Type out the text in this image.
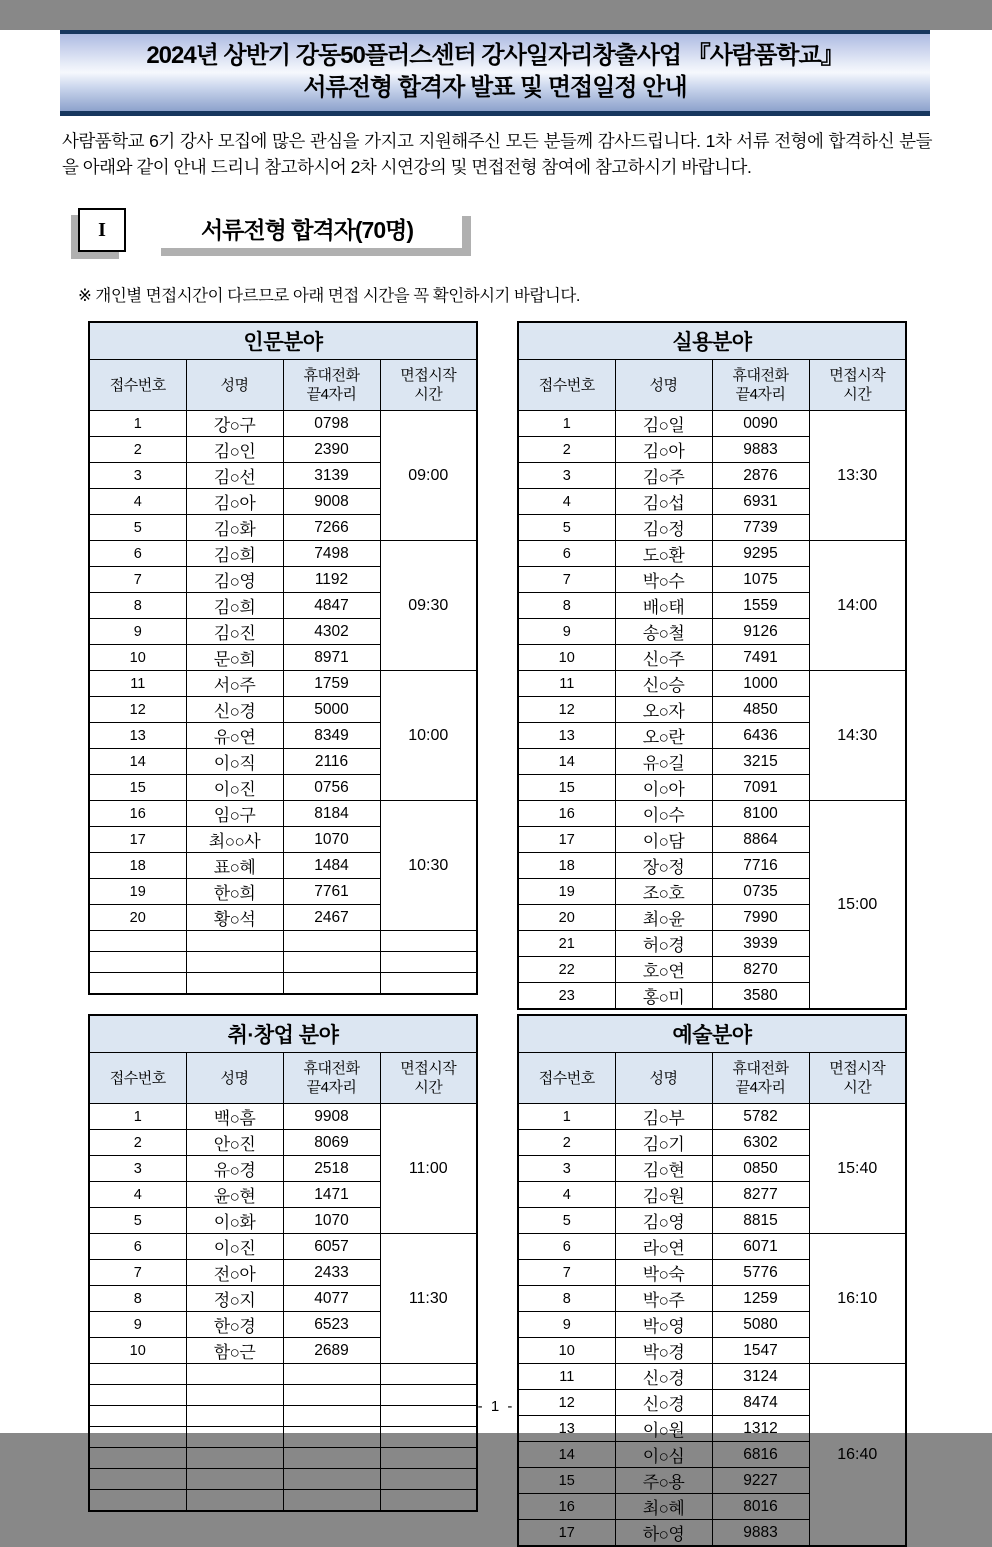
2024년 상반기 강동50플러스센터 강사일자리창출사업 『사람품학교』
서류전형 합격자 발표 및 면접일정 안내
사람품학교 6기 강사 모집에 많은 관심을 가지고 지원해주신 모든 분들께 감사드립니다. 1차 서류 전형에 합격하신 분들을 아래와 같이 안내 드리니 참고하시어 2차 시연강의 및 면접전형 참여에 참고하시기 바랍니다.
I	서류전형 합격자(70명)
※ 개인별 면접시간이 다르므로 아래 면접 시간을 꼭 확인하시기 바랍니다.
인문분야			
접수번호	성명	
휴대전화
끝4자리

면접시작
시간

1	강○구	0798	09:00
2	김○인	2390	
3	김○선	3139	
4	김○아	9008	
5	김○화	7266	
6	김○희	7498	09:30
7	김○영	1192	
8	김○희	4847	
9	김○진	4302	
10	문○희	8971	
11	서○주	1759	10:00
12	신○경	5000	
13	유○연	8349	
14	이○직	2116	
15	이○진	0756	
16	임○구	8184	10:30
17	최○○사	1070	
18	표○혜	1484	
19	한○희	7761	
20	황○석	2467	

실용분야			
접수번호	성명	
휴대전화
끝4자리

면접시작
시간

1	김○일	0090	13:30
2	김○아	9883	
3	김○주	2876	
4	김○섭	6931	
5	김○정	7739	
6	도○환	9295	14:00
7	박○수	1075	
8	배○태	1559	
9	송○철	9126	
10	신○주	7491	
11	신○승	1000	14:30
12	오○자	4850	
13	오○란	6436	
14	유○길	3215	
15	이○아	7091	
16	이○수	8100	15:00
17	이○담	8864	
18	장○정	7716	
19	조○호	0735	
20	최○윤	7990	
21	허○경	3939	
22	호○연	8270	
23	홍○미	3580	
취·창업 분야			
접수번호	성명	
휴대전화
끝4자리

면접시작
시간

1	백○흠	9908	11:00
2	안○진	8069	
3	유○경	2518	
4	윤○현	1471	
5	이○화	1070	
6	이○진	6057	11:30
7	전○아	2433	
8	정○지	4077	
9	한○경	6523	
10	함○근	2689	

예술분야			
접수번호	성명	
휴대전화
끝4자리

면접시작
시간

1	김○부	5782	15:40
2	김○기	6302	
3	김○현	0850	
4	김○원	8277	
5	김○영	8815	
6	라○연	6071	16:10
7	박○숙	5776	
8	박○주	1259	
9	박○영	5080	
10	박○경	1547	
11	신○경	3124	16:40
12	신○경	8474	
13	이○원	1312	
14	이○심	6816	
15	주○용	9227	
16	최○혜	8016	
17	하○영	9883	
- 1 -
